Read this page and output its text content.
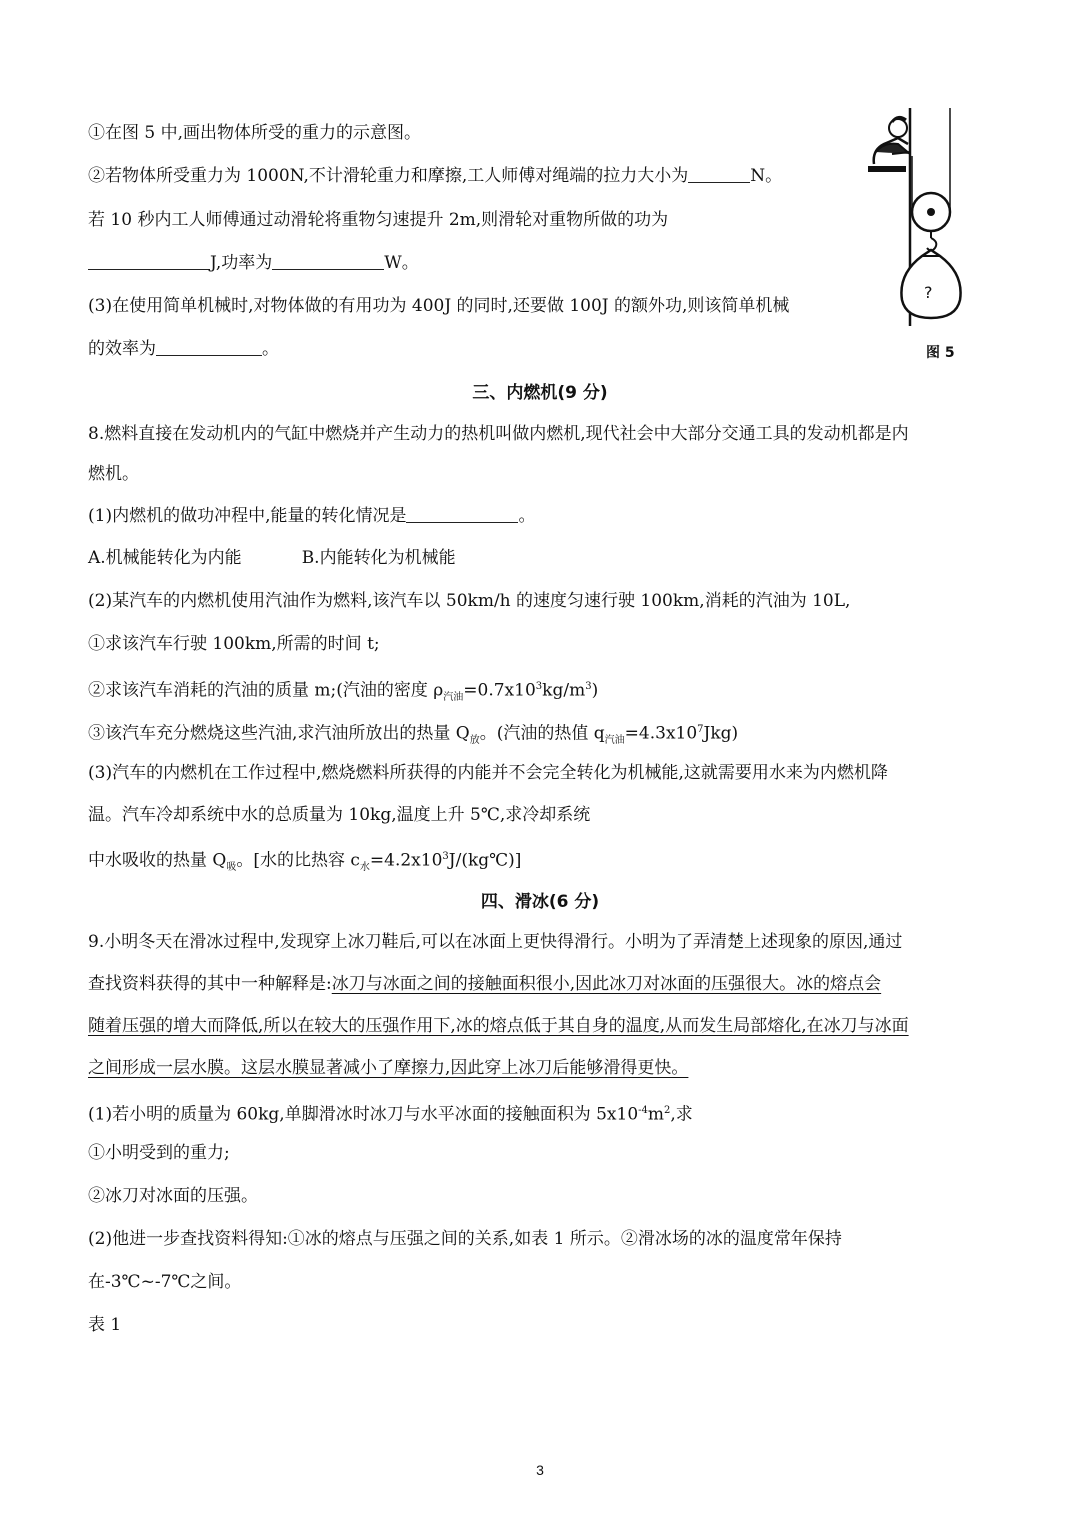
①在图 5 中,画出物体所受的重力的示意图。
②若物体所受重力为 1000N,不计滑轮重力和摩擦,工人师傅对绳端的拉力大小为	N。
若 10 秒内工人师傅通过动滑轮将重物匀速提升 2m,则滑轮对重物所做的功为
J,功率为	W。
(3)在使用简单机械时,对物体做的有用功为 400J 的同时,还要做 100J 的额外功,则该简单机械
的效率为	。
?
图 5
三、内燃机(9 分)
8.燃料直接在发动机内的气缸中燃烧并产生动力的热机叫做内燃机,现代社会中大部分交通工具的发动机都是内
燃机。
(1)内燃机的做功冲程中,能量的转化情况是	。
A.机械能转化为内能	B.内能转化为机械能
(2)某汽车的内燃机使用汽油作为燃料,该汽车以 50km/h 的速度匀速行驶 100km,消耗的汽油为 10L,
①求该汽车行驶 100km,所需的时间 t;
②求该汽车消耗的汽油的质量 m;(汽油的密度 $\rho_{汽油}=0.7x10^3kg/m^3$)
③该汽车充分燃烧这些汽油,求汽油所放出的热量 $Q_放$。(汽油的热值 $q_{汽油}=4.3x10^7Jkg$)
(3)汽车的内燃机在工作过程中,燃烧燃料所获得的内能并不会完全转化为机械能,这就需要用水来为内燃机降
温。汽车冷却系统中水的总质量为 10kg,温度上升 5℃,求冷却系统
中水吸收的热量 $Q_吸$。[水的比热容 $c_水=4.2x10^3J/(kg℃)$]
四、滑冰(6 分)
9.小明冬天在滑冰过程中,发现穿上冰刀鞋后,可以在冰面上更快得滑行。小明为了弄清楚上述现象的原因,通过
查找资料获得的其中一种解释是:冰刀与冰面之间的接触面积很小,因此冰刀对冰面的压强很大。冰的熔点会
随着压强的增大而降低,所以在较大的压强作用下,冰的熔点低于其自身的温度,从而发生局部熔化,在冰刀与冰面
之间形成一层水膜。这层水膜显著减小了摩擦力,因此穿上冰刀后能够滑得更快。
(1)若小明的质量为 60kg,单脚滑冰时冰刀与水平冰面的接触面积为 $5x10^{-4}m^2$,求
①小明受到的重力;
②冰刀对冰面的压强。
(2)他进一步查找资料得知:①冰的熔点与压强之间的关系,如表 1 所示。②滑冰场的冰的温度常年保持
在-3℃~-7℃之间。
表 1
3
